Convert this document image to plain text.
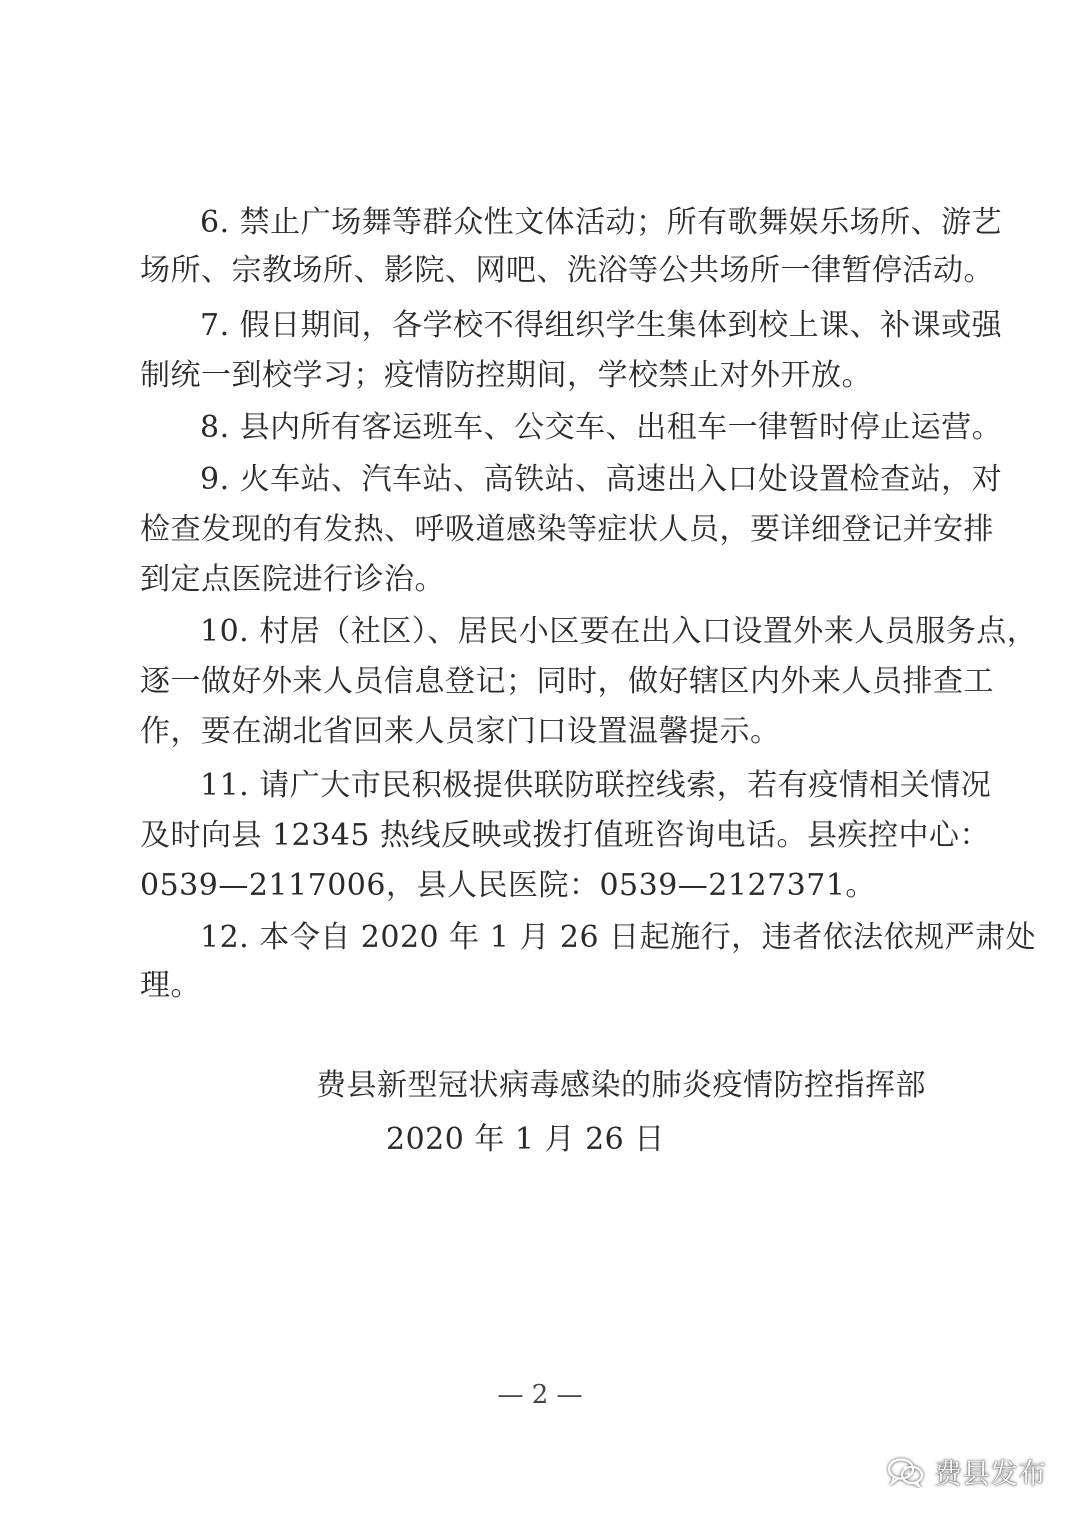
6. 禁止广场舞等群众性文体活动；所有歌舞娱乐场所、游艺
场所、宗教场所、影院、网吧、洗浴等公共场所一律暂停活动。
7. 假日期间，各学校不得组织学生集体到校上课、补课或强
制统一到校学习；疫情防控期间，学校禁止对外开放。
8. 县内所有客运班车、公交车、出租车一律暂时停止运营。
9. 火车站、汽车站、高铁站、高速出入口处设置检查站，对
检查发现的有发热、呼吸道感染等症状人员，要详细登记并安排
到定点医院进行诊治。
10. 村居（社区）、居民小区要在出入口设置外来人员服务点，
逐一做好外来人员信息登记；同时，做好辖区内外来人员排查工
作，要在湖北省回来人员家门口设置温馨提示。
11. 请广大市民积极提供联防联控线索，若有疫情相关情况
及时向县 12345 热线反映或拨打值班咨询电话。县疾控中心：
0539—2117006，县人民医院：0539—2127371。
12. 本令自 2020 年 1 月 26 日起施行，违者依法依规严肃处
理。
费县新型冠状病毒感染的肺炎疫情防控指挥部
2020 年 1 月 26 日
— 2 —
费县发布
